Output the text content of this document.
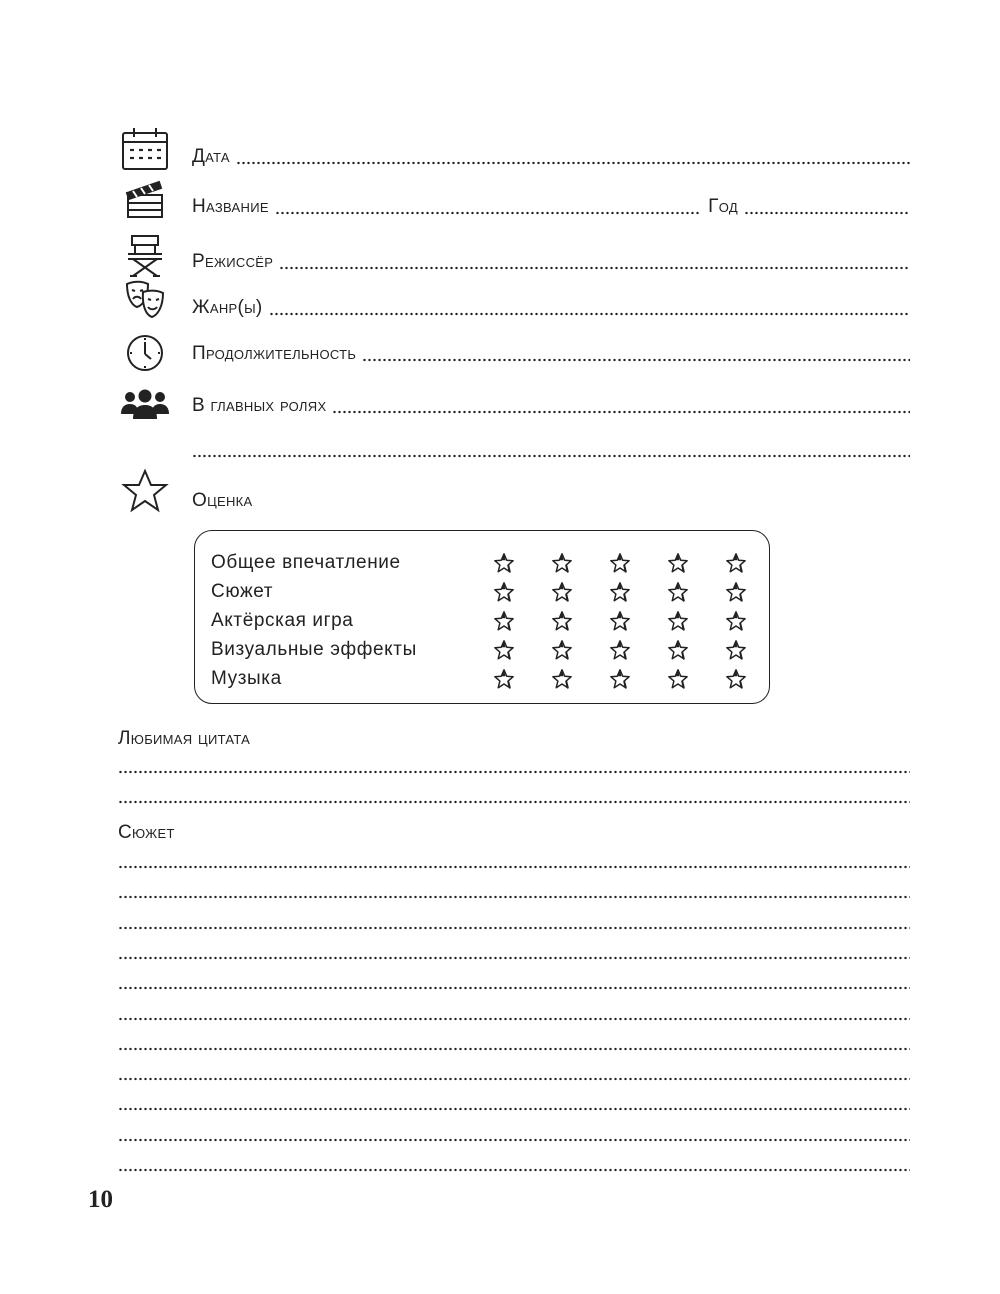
Дата
Название	Год
Режиссёр
Жанр(ы)
Продолжительность
В главных ролях
Оценка
Общее впечатление
Сюжет
Актёрская игра
Визуальные эффекты
Музыка
Любимая цитата
Сюжет
10
